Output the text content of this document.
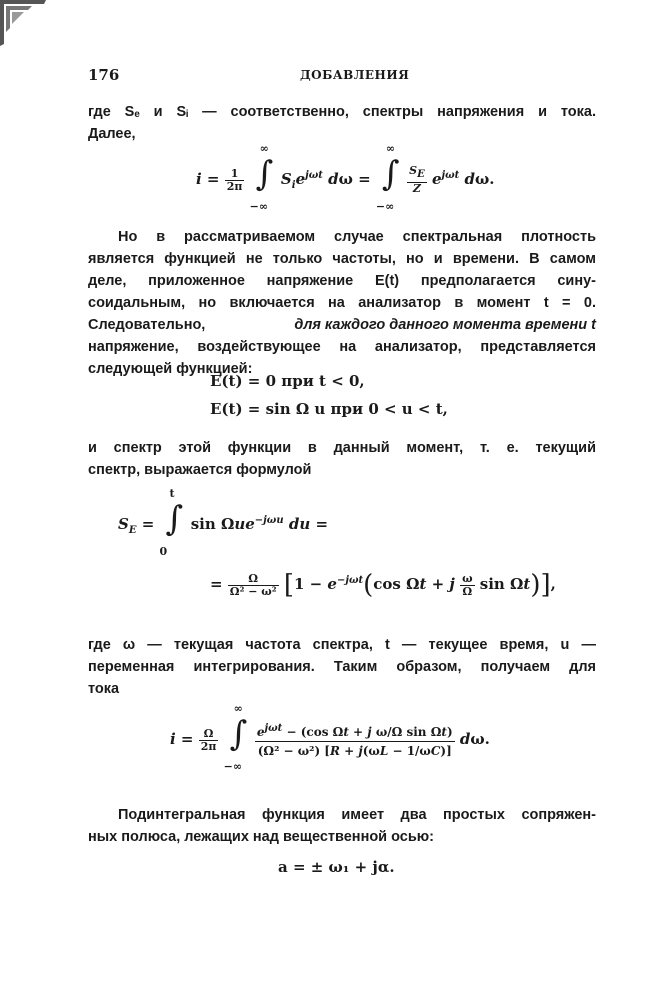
176	ДОБАВЛЕНИЯ
где Sₑ и Sᵢ — соответственно, спектры напряжения и тока.
Далее,
$i = \frac{1}{2\pi}$
∫
∞
−∞
$S_ie^{j\omega t}$ dω = ∫
∞
−∞

$\frac{S_E}{Z} e^{j\omega t}$ dω.
Но в рассматриваемом случае спектральная плотность
является функцией не только частоты, но и времени. В самом
деле, приложенное напряжение E(t) предполагается сину-
соидальным, но включается на анализатор в момент t = 0.
Следовательно,	для каждого данного момента времени t
напряжение, воздействующее на анализатор, представляется
следующей функцией:
E(t) = 0 при t < 0,
E(t) = sin Ω u при 0 < u < t,
и спектр этой функции в данный момент, т. е. текущий
спектр, выражается формулой
$S_E$ = ∫
t
0
sin Ωue$^{-j\omega u}$ du =
= $\frac{\Omega}{\text{Ω² − ω²}} [1 - e^{-j\omega t}(\cos$ Ωt + j $\frac{\omega}{\Omega}$ sin Ωt)],
где ω — текущая частота спектра, t — текущее время, u —
переменная интегрирования. Таким образом, получаем для
тока
$i = \frac{\Omega}{2\pi}$
∫
∞
−∞

$\frac{e^{j\omega t} - (\cos \Omega t + j \omega/\Omega \sin \Omega t)}{\text{(Ω² − ω²) [R + j(ωL − 1/ωC)]}} d\omega$.
Подинтегральная функция имеет два простых сопряжен-
ных полюса, лежащих над вещественной осью:
a = ± ω₁ + jα.
